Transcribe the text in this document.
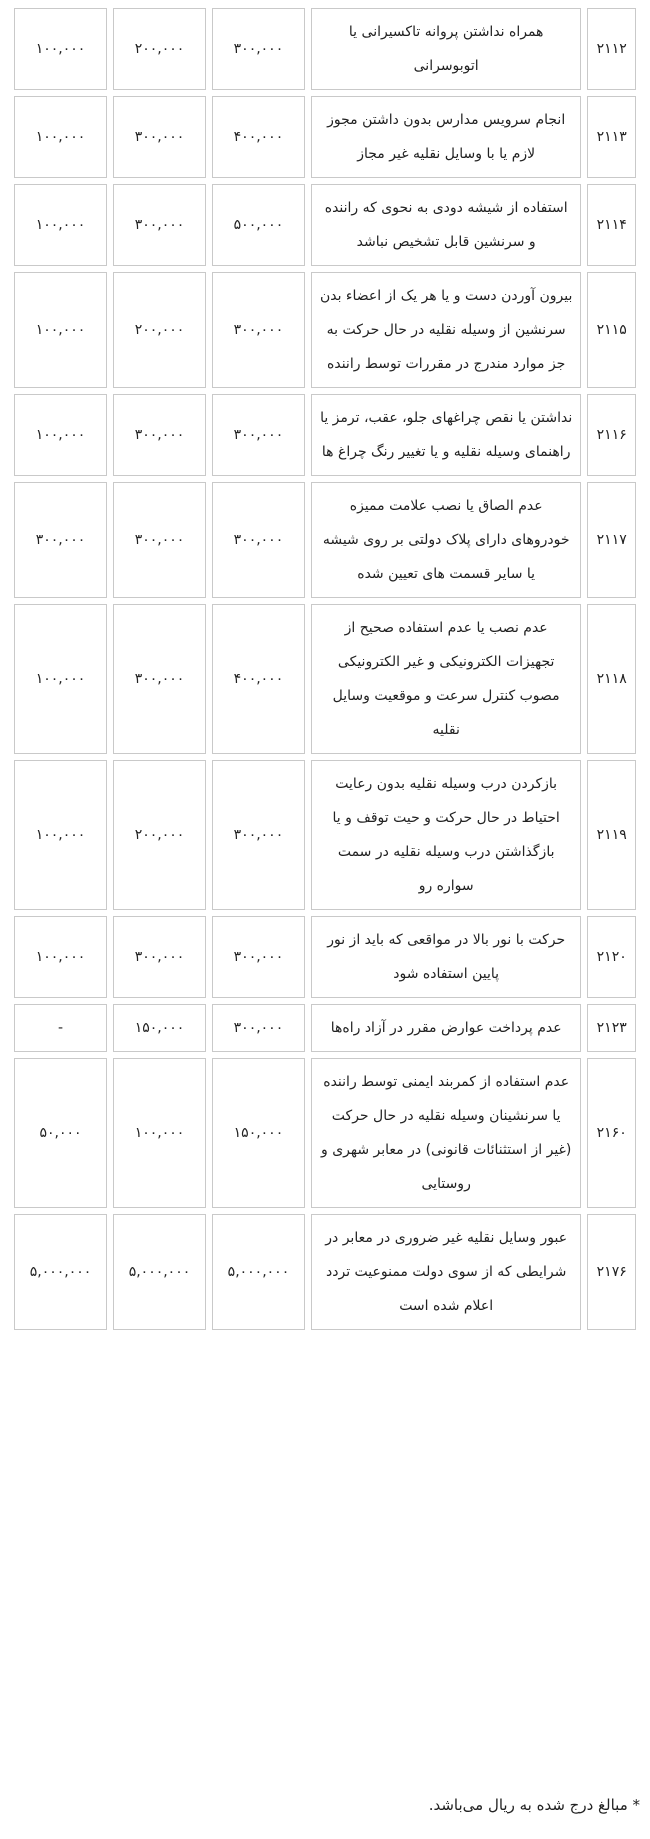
۲۱۱۲	همراه نداشتن پروانه تاکسیرانی یا اتوبوسرانی	۳۰۰,۰۰۰	۲۰۰,۰۰۰	۱۰۰,۰۰۰
۲۱۱۳	انجام سرویس مدارس بدون داشتن مجوز لازم یا با وسایل نقلیه غیر مجاز	۴۰۰,۰۰۰	۳۰۰,۰۰۰	۱۰۰,۰۰۰
۲۱۱۴	استفاده از شیشه دودی به نحوی که راننده و سرنشین قابل تشخیص نباشد	۵۰۰,۰۰۰	۳۰۰,۰۰۰	۱۰۰,۰۰۰
۲۱۱۵	بیرون آوردن دست و یا هر یک از اعضاء بدن سرنشین از وسیله نقلیه در حال حرکت به جز موارد مندرج در مقررات توسط راننده	۳۰۰,۰۰۰	۲۰۰,۰۰۰	۱۰۰,۰۰۰
۲۱۱۶	نداشتن یا نقص چراغهای جلو، عقب، ترمز یا راهنمای وسیله نقلیه و یا تغییر رنگ چراغ ها	۳۰۰,۰۰۰	۳۰۰,۰۰۰	۱۰۰,۰۰۰
۲۱۱۷	عدم الصاق یا نصب علامت ممیزه خودروهای دارای پلاک دولتی بر روی شیشه یا سایر قسمت های تعیین شده	۳۰۰,۰۰۰	۳۰۰,۰۰۰	۳۰۰,۰۰۰
۲۱۱۸	عدم نصب یا عدم استفاده صحیح از تجهیزات الکترونیکی و غیر الکترونیکی مصوب کنترل سرعت و موقعیت وسایل نقلیه	۴۰۰,۰۰۰	۳۰۰,۰۰۰	۱۰۰,۰۰۰
۲۱۱۹	بازکردن درب وسیله نقلیه بدون رعایت احتیاط در حال حرکت و حیت توقف و یا بازگذاشتن درب وسیله نقلیه در سمت سواره رو	۳۰۰,۰۰۰	۲۰۰,۰۰۰	۱۰۰,۰۰۰
۲۱۲۰	حرکت با نور بالا در مواقعی که باید از نور پایین استفاده شود	۳۰۰,۰۰۰	۳۰۰,۰۰۰	۱۰۰,۰۰۰
۲۱۲۳	عدم پرداخت عوارض مقرر در آزاد راه‌ها	۳۰۰,۰۰۰	۱۵۰,۰۰۰	-
۲۱۶۰	عدم استفاده از کمربند ایمنی توسط راننده یا سرنشینان وسیله نقلیه در حال حرکت (غیر از استثنائات قانونی) در معابر شهری و روستایی	۱۵۰,۰۰۰	۱۰۰,۰۰۰	۵۰,۰۰۰
۲۱۷۶	عبور وسایل نقلیه غیر ضروری در معابر در شرایطی که از سوی دولت ممنوعیت تردد اعلام شده است	۵,۰۰۰,۰۰۰	۵,۰۰۰,۰۰۰	۵,۰۰۰,۰۰۰
* مبالغ درج شده به ریال می‌باشد.
